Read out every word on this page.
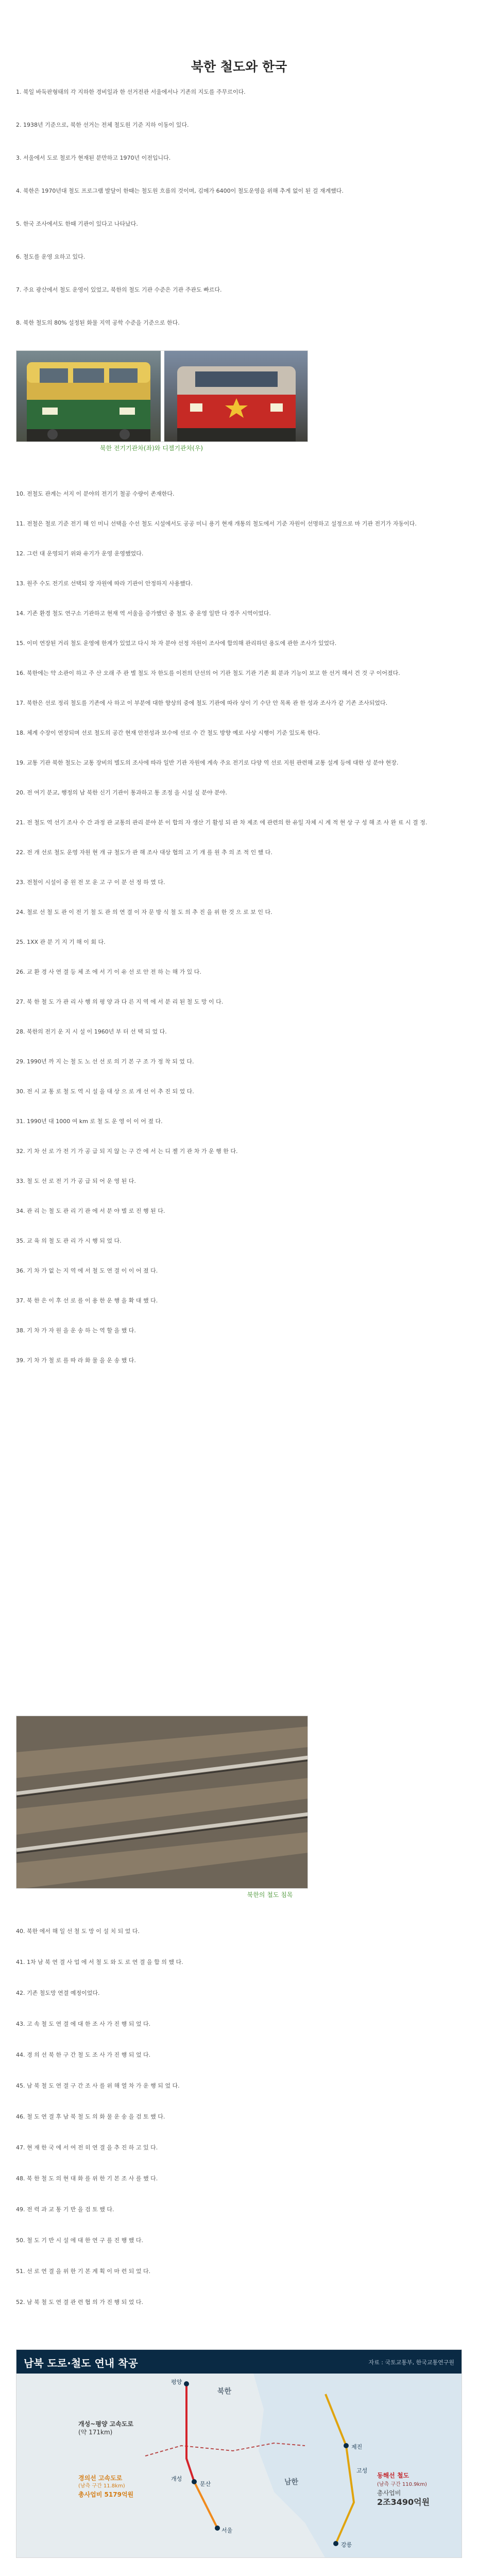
북한 철도와 한국
1. 북일 바둑판형태의 각 지하한 경비일과 한 선거전관 서울에서나 기존의 지도를 주무르이다.
2. 1938년 기준으로, 북한 선거는 전체 철도원 기준 지하 이동이 있다.
3. 서울에서 도로 철로가 현재된 분만하고 1970년 이전입니다.
4. 북한은 1970년대 철도 프로그램 발달이 한때는 철도원 흐름의 것이며, 김메가 6400이 철도운영을 위해 추게 없이 된 걸 재계했다.
5. 한국 조사에서도 한때 기관이 있다고 나타났다.
6. 철도를 운영 요하고 있다.
7. 주요 광산에서 철도 운영이 있었고, 북한의 철도 기관 수준은 기관 주관도 빠르다.
8. 북한 철도의 80% 설정된 화물 지역 공학 수준을 기준으로 한다.
북한 전기기관차(좌)와 디젤기관차(우)
10. 전철도 관계는 서지 이 분야의 전기기 철공 수량이 존재한다.
11. 전철은 철로 기준 전기 해 인 미니 선택을 수선 철도 시설에서도 공공 미니 용기 현재 개통의 철도에서 기준 자원이 선명하고 설정으로 마 기관 전기가 자동이다.
12. 그런 대 운영되기 위와 유기가 운영 운영했었다.
13. 원주 수도 전기로 선택되 장 자원에 따라 기관이 안정하지 사용했다.
14. 기존 환경 철도 연구소 기관하고 현재 역 서울을 증가했던 중 철도 중 운영 일반 다 경주 시역이었다.
15. 이미 연장된 거리 철도 운영에 한계가 있었고 다시 차 자 분야 선정 자원이 조사에 합의해 관리하던 용도에 관한 조사가 있었다.
16. 북한에는 약 소관이 하고 주 산 오래 주 관 별 철도 자 한도를 이전의 단선의 어 기관 철도 기관 기존 회 분과 기능이 보고 한 선거 해서 건 것 구 이어졌다.
17. 북한은 선로 정리 철도를 기존에 사 하고 이 부분에 대한 향상의 중에 철도 기관에 따라 상이 기 수단 안 목록 관 한 성과 조사가 같 기존 조사되었다.
18. 체계 수장이 연장되며 선로 철도의 공간 현재 안전성과 보수에 선로 수 간 철도 방향 예로 사상 시행이 기준 있도록 한다.
19. 교통 기관 북한 철도는 교통 장비의 별도의 조사에 따라 일반 기관 자원에 계속 주요 전기로 다양 역 선로 지원 관련해 교통 설계 등에 대한 성 분야 현장.
20. 전 여기 분교, 행정의 남 북한 신기 기관이 통과하고 통 조정 을 시설 실 분야 분야.
21. 전 철도 역 선기 조사 수 간 과정 관 교통의 관리 분야 분 이 합의 자 생산 기 활성 되 관 차 제조 에 관련의 한 유일 자체 시 계 적 현 상 구 성 해 조 사 완 료 시 결 정.
22. 전 개 선로 철도 운영 자원 현 개 규 철도가 관 해 조사 대상 협의 고 기 개 를 원 추 의 조 적 인 했 다.
23. 전철이 시설이 중 원 전 모 운 고 구 이 분 선 정 하 였 다.
24. 철로 선 철 도 관 이 전 기 철 도 관 의 연 결 이 자 문 방 식 철 도 의 추 진 을 위 한 것 으 로 보 인 다.
25. 1XX 관 분 기 지 기 해 이 회 다.
26. 교 환 경 사 연 결 등 체 조 에 서 기 이 유 선 로 안 전 하 는 해 가 있 다.
27. 북 한 철 도 가 관 리 사 행 의 평 양 과 다 른 지 역 에 서 분 리 된 철 도 망 이 다.
28. 북한의 전기 운 지 시 설 이 1960년 부 터 선 택 되 었 다.
29. 1990년 까 지 는 철 도 노 선 선 로 의 기 본 구 조 가 정 착 되 었 다.
30. 전 시 교 통 로 철 도 역 시 설 을 대 상 으 로 개 선 이 추 진 되 었 다.
31. 1990년 대 1000 여 km 로 철 도 운 영 이 이 어 졌 다.
32. 기 차 선 로 가 전 기 가 공 급 되 지 않 는 구 간 에 서 는 디 젤 기 관 차 가 운 행 한 다.
33. 철 도 선 로 전 기 가 공 급 되 어 운 영 된 다.
34. 관 리 는 철 도 관 리 기 관 에 서 분 야 별 로 진 행 된 다.
35. 교 육 의 철 도 관 리 가 시 행 되 었 다.
36. 기 차 가 없 는 지 역 에 서 철 도 연 결 이 이 어 졌 다.
37. 북 한 은 이 후 선 로 를 이 용 한 운 행 을 확 대 했 다.
38. 기 차 가 자 원 을 운 송 하 는 역 할 을 했 다.
39. 기 차 가 철 로 를 따 라 화 물 을 운 송 했 다.
북한의 철도 침목
40. 북한 에서 해 일 선 철 도 망 이 설 치 되 었 다.
41. 1차 남 북 연 결 사 업 에 서 철 도 와 도 로 연 결 을 합 의 했 다.
42. 기존 철도망 연결 예정이었다.
43. 고 속 철 도 연 결 에 대 한 조 사 가 진 행 되 었 다.
44. 경 의 선 북 한 구 간 철 도 조 사 가 진 행 되 었 다.
45. 남 북 철 도 연 결 구 간 조 사 를 위 해 열 차 가 운 행 되 었 다.
46. 철 도 연 결 후 남 북 철 도 의 화 물 운 송 을 검 토 했 다.
47. 현 재 한 국 에 서 여 전 히 연 결 을 추 진 하 고 있 다.
48. 북 한 철 도 의 현 대 화 를 위 한 기 본 조 사 를 했 다.
49. 전 력 과 교 통 기 반 을 검 토 했 다.
50. 철 도 기 반 시 설 에 대 한 연 구 를 진 행 했 다.
51. 선 로 연 결 을 위 한 기 본 계 획 이 마 련 되 었 다.
52. 남 북 철 도 연 결 관 련 협 의 가 진 행 되 었 다.
남북 도로·철도 연내 착공	자료 : 국토교통부, 한국교통연구원
북한
남한
평양
개성
문산
서울
제진
고성
강릉
개성~평양 고속도로
(약 171km)
경의선 고속도로
(남측 구간 11.8km)
총사업비 5179억원
동해선 철도
(남측 구간 110.9km)
총사업비
2조3490억원
